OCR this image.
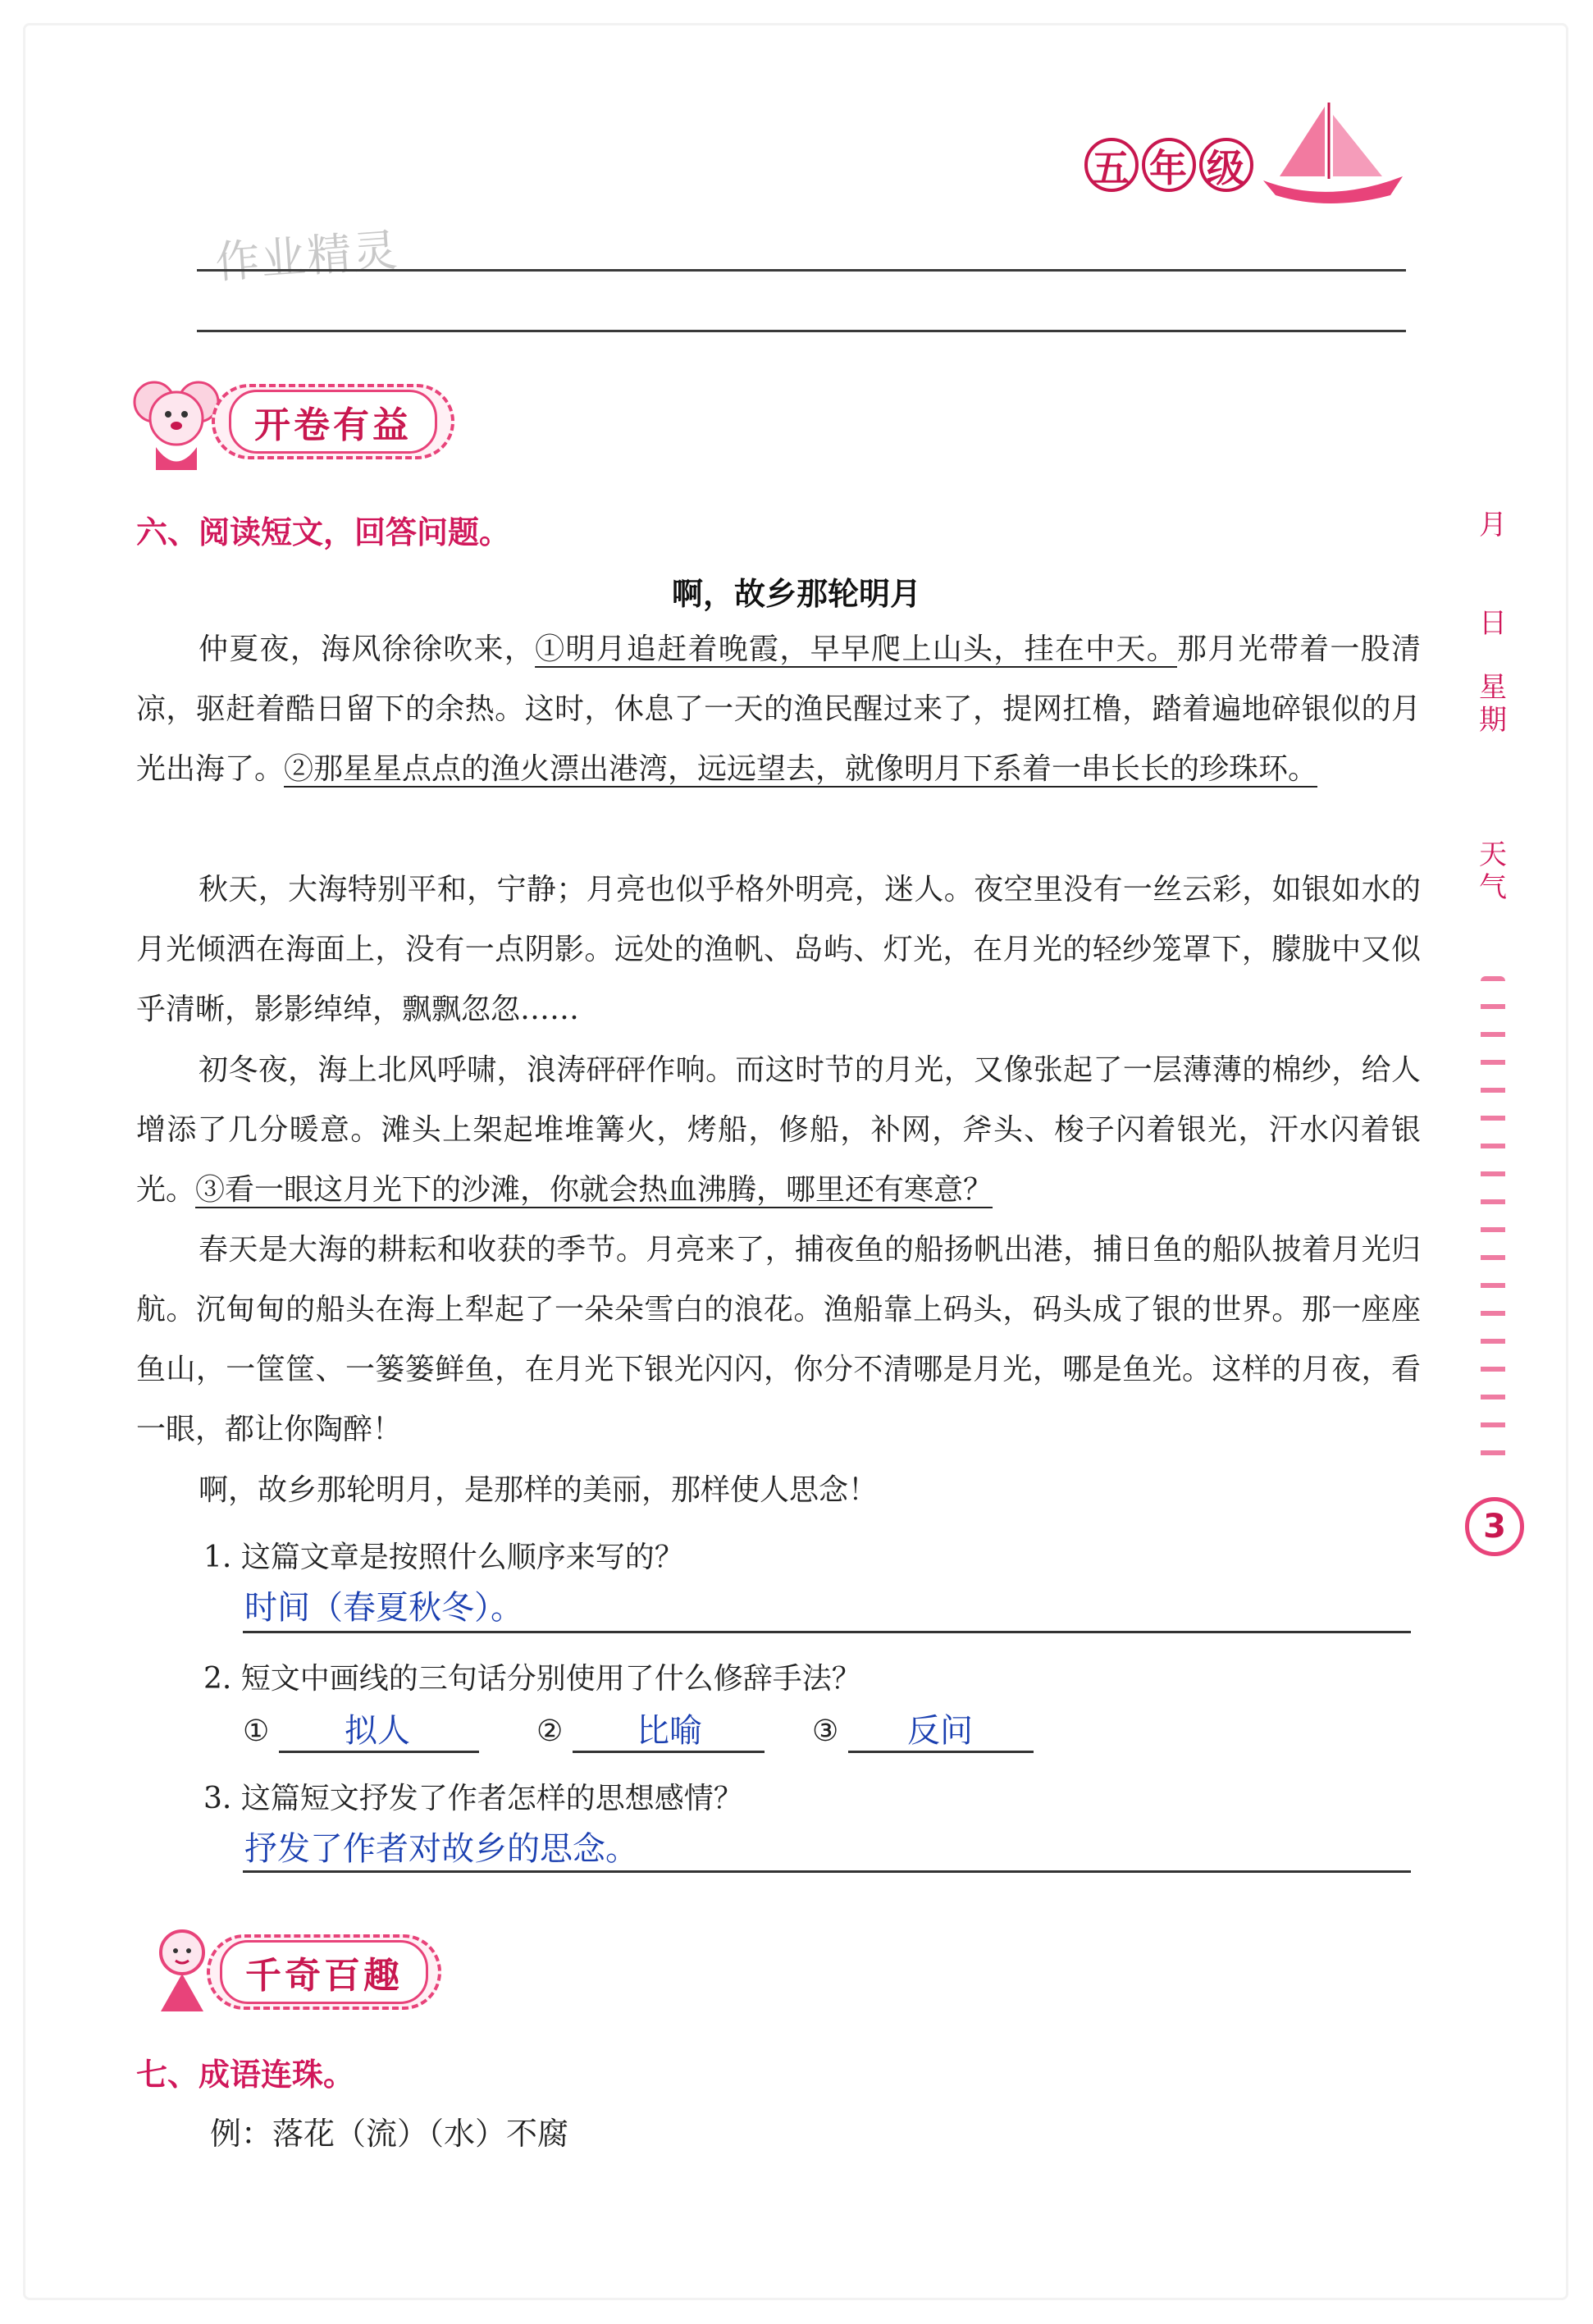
五 年 级
作业精灵
开卷有益
六、阅读短文，回答问题。
啊，故乡那轮明月

仲夏夜，海风徐徐吹来，①明月追赶着晚霞，早早爬上山头，挂在中天。那月光带着一股清凉，驱赶着酷日留下的余热。这时，休息了一天的渔民醒过来了，提网扛橹，踏着遍地碎银似的月光出海了。②那星星点点的渔火漂出港湾，远远望去，就像明月下系着一串长长的珍珠环。

秋天，大海特别平和，宁静；月亮也似乎格外明亮，迷人。夜空里没有一丝云彩，如银如水的月光倾洒在海面上，没有一点阴影。远处的渔帆、岛屿、灯光，在月光的轻纱笼罩下，朦胧中又似乎清晰，影影绰绰，飘飘忽忽……

初冬夜，海上北风呼啸，浪涛砰砰作响。而这时节的月光，又像张起了一层薄薄的棉纱，给人增添了几分暖意。滩头上架起堆堆篝火，烤船，修船，补网，斧头、梭子闪着银光，汗水闪着银光。③看一眼这月光下的沙滩，你就会热血沸腾，哪里还有寒意？

春天是大海的耕耘和收获的季节。月亮来了，捕夜鱼的船扬帆出港，捕日鱼的船队披着月光归航。沉甸甸的船头在海上犁起了一朵朵雪白的浪花。渔船靠上码头，码头成了银的世界。那一座座鱼山，一筐筐、一篓篓鲜鱼，在月光下银光闪闪，你分不清哪是月光，哪是鱼光。这样的月夜，看一眼，都让你陶醉！

啊，故乡那轮明月，是那样的美丽，那样使人思念！

1. 这篇文章是按照什么顺序来写的？
时间（春夏秋冬）。
2. 短文中画线的三句话分别使用了什么修辞手法？
① 拟人	② 比喻	③ 反问
3. 这篇短文抒发了作者怎样的思想感情？
抒发了作者对故乡的思念。
千奇百趣
七、成语连珠。
例：落花（流）（水）不腐
月
日
星期
天气
3
